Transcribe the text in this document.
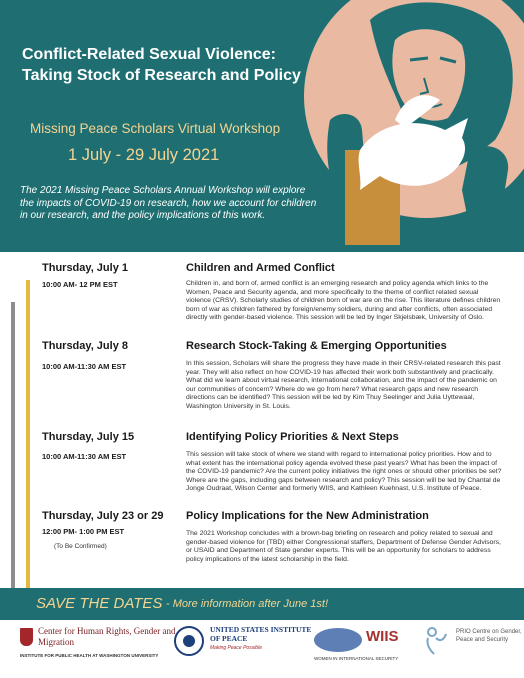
Conflict-Related Sexual Violence:
Taking Stock of Research and Policy
Missing Peace Scholars Virtual Workshop
1 July - 29 July 2021
The 2021 Missing Peace Scholars Annual Workshop will explore the impacts of COVID-19 on research, how we account for children in our research, and the policy implications of this work.
Thursday, July 1
10:00 AM- 12 PM EST
Children and Armed Conflict
Children in, and born of, armed conflict is an emerging research and policy agenda which links to the Women, Peace and Security agenda, and more specifically to the theme of conflict related sexual violence (CRSV). Scholarly studies of children born of war are on the rise. This literature defines children born of war as children fathered by foreign/enemy soldiers, during and after conflicts, often associated directly with gender-based violence. This session will be led by Inger Skjelsbæk, University of Oslo.
Thursday, July 8
10:00 AM-11:30 AM EST
Research Stock-Taking & Emerging Opportunities
In this session, Scholars will share the progress they have made in their CRSV-related research this past year. They will also reflect on how COVID-19 has affected their work both substantively and practically. What did we learn about virtual research, international collaboration, and the impact of the pandemic on our communities of concern? Where do we go from here? What research gaps and new research directions can be identified? This session will be led by Kim Thuy Seelinger and Julia Uyttewaal, Washington University in St. Louis.
Thursday, July 15
10:00 AM-11:30 AM EST
Identifying Policy Priorities & Next Steps
This session will take stock of where we stand with regard to international policy priorities. How and to what extent has the international policy agenda evolved these past years? What has been the impact of the COVID-19 pandemic? Are the current policy initiatives the right ones or should other priorities be set? Where are the gaps, including gaps between research and policy? This session will be led by Chantal de Jonge Oudraat, Wilson Center and formerly WIIS, and Kathleen Kuehnast, U.S. Institute of Peace.
Thursday, July 23 or 29
12:00 PM- 1:00 PM EST
(To Be Confirmed)
Policy Implications for the New Administration
The 2021 Workshop concludes with a brown-bag briefing on research and policy related to sexual and gender-based violence for (TBD) either Congressional staffers, Department of Defense Gender Advisors, or USAID and Department of State gender experts. This will be an opportunity for scholars to address policy implications of the latest scholarship in the field.
SAVE THE DATES - More information after June 1st!
Center for Human Rights, Gender and Migration
INSTITUTE FOR PUBLIC HEALTH AT WASHINGTON UNIVERSITY
UNITED STATES INSTITUTE OF PEACE
Making Peace Possible
WIIS
WOMEN IN INTERNATIONAL SECURITY
PRIO Centre on Gender, Peace and Security
